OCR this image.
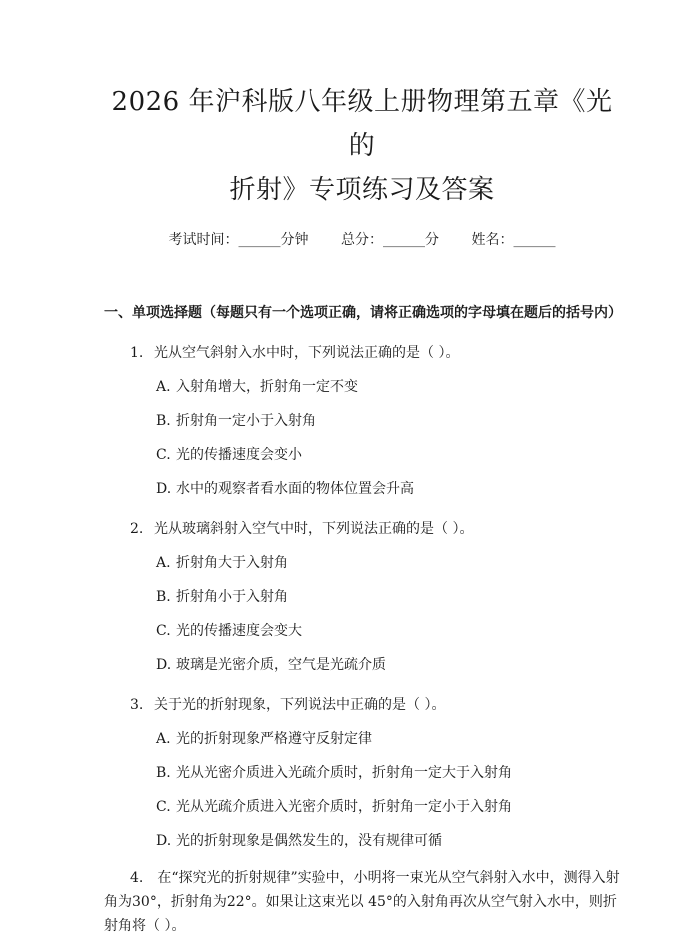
2026 年沪科版八年级上册物理第五章《光的
折射》专项练习及答案
考试时间：______分钟 总分：______分 姓名：______
一、单项选择题（每题只有一个选项正确，请将正确选项的字母填在题后的括号内）
1. 光从空气斜射入水中时，下列说法正确的是（ ）。
A. 入射角增大，折射角一定不变
B. 折射角一定小于入射角
C. 光的传播速度会变小
D. 水中的观察者看水面的物体位置会升高
2. 光从玻璃斜射入空气中时，下列说法正确的是（ ）。
A. 折射角大于入射角
B. 折射角小于入射角
C. 光的传播速度会变大
D. 玻璃是光密介质，空气是光疏介质
3. 关于光的折射现象，下列说法中正确的是（ ）。
A. 光的折射现象严格遵守反射定律
B. 光从光密介质进入光疏介质时，折射角一定大于入射角
C. 光从光疏介质进入光密介质时，折射角一定小于入射角
D. 光的折射现象是偶然发生的，没有规律可循
4.　在“探究光的折射规律”实验中，小明将一束光从空气斜射入水中，测得入射角为30°，折射角为22°。如果让这束光以 45°的入射角再次从空气射入水中，则折射角将（ ）。
